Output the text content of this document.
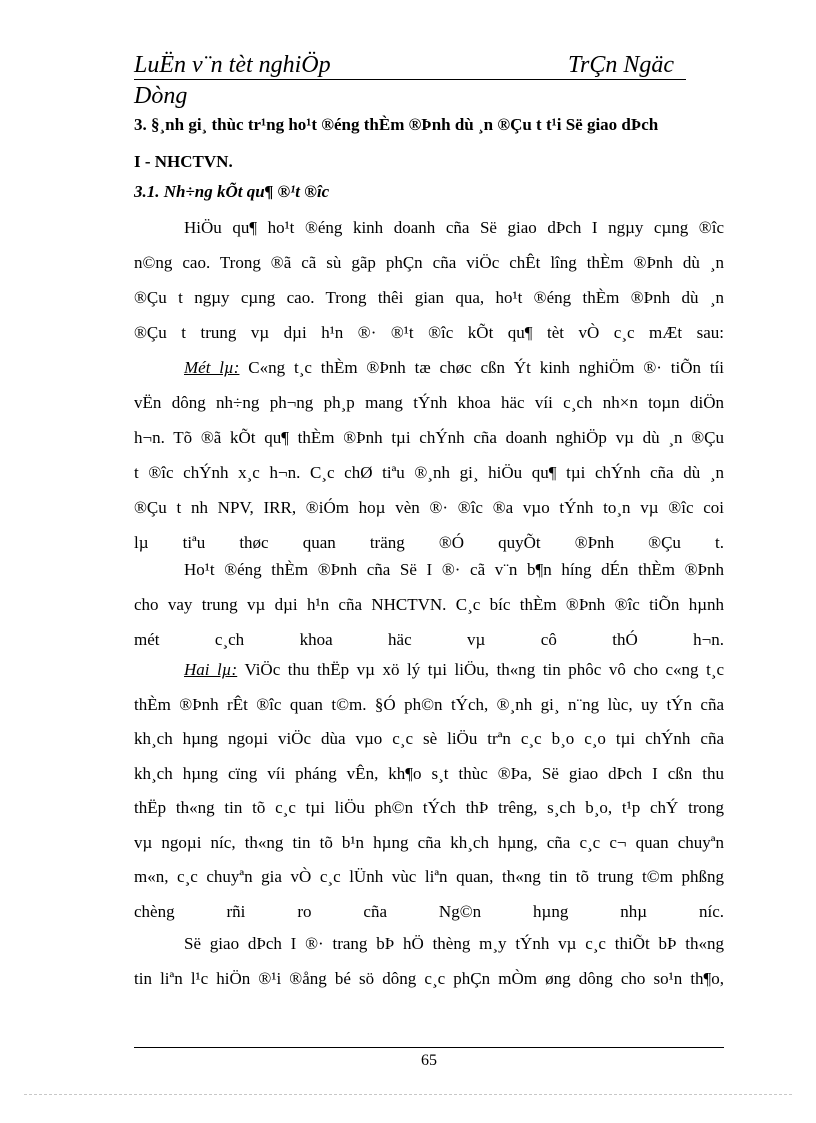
LuËn v¨n tèt nghiÖp	TrÇn Ngäc
Dòng
3. §¸nh gi¸ thùc tr¹ng ho¹t ®éng thÈm ®Þnh dù ¸n ®Çu t t¹i Së giao dÞch
I - NHCTVN.
3.1. Nh÷ng kÕt qu¶ ®¹t ®îc
HiÖu qu¶ ho¹t ®éng kinh doanh cña Së giao dÞch I ngµy cµng ®îc
n©ng cao. Trong ®ã cã sù gãp phÇn cña viÖc chÊt lîng thÈm ®Þnh dù ¸n
®Çu t ngµy cµng cao. Trong thêi gian qua, ho¹t ®éng thÈm ®Þnh dù ¸n
®Çu t trung vµ dµi h¹n ®· ®¹t ®îc kÕt qu¶ tèt vÒ c¸c mÆt sau:
Mét lµ: C«ng t¸c thÈm ®Þnh tæ chøc cßn Ýt kinh nghiÖm ®· tiÕn tíi
vËn dông nh÷ng ph¬ng ph¸p mang tÝnh khoa häc víi c¸ch nh×n toµn diÖn
h¬n. Tõ ®ã kÕt qu¶ thÈm ®Þnh tµi chÝnh cña doanh nghiÖp vµ dù ¸n ®Çu
t ®îc chÝnh x¸c h¬n. C¸c chØ tiªu ®¸nh gi¸ hiÖu qu¶ tµi chÝnh cña dù ¸n
®Çu t nh NPV, IRR, ®iÓm hoµ vèn ®· ®îc ®a vµo tÝnh to¸n vµ ®îc coi
lµ tiªu thøc quan träng ®Ó quyÕt ®Þnh ®Çu t.
Ho¹t ®éng thÈm ®Þnh cña Së I ®· cã v¨n b¶n híng dÉn thÈm ®Þnh
cho vay trung vµ dµi h¹n cña NHCTVN. C¸c bíc thÈm ®Þnh ®îc tiÕn hµnh
mét c¸ch khoa häc vµ cô thÓ h¬n.
Hai lµ: ViÖc thu thËp vµ xö lý tµi liÖu, th«ng tin phôc vô cho c«ng t¸c
thÈm ®Þnh rÊt ®îc quan t©m. §Ó ph©n tÝch, ®¸nh gi¸ n¨ng lùc, uy tÝn cña
kh¸ch hµng ngoµi viÖc dùa vµo c¸c sè liÖu trªn c¸c b¸o c¸o tµi chÝnh cña
kh¸ch hµng cïng víi pháng vÊn, kh¶o s¸t thùc ®Þa, Së giao dÞch I cßn thu
thËp th«ng tin tõ c¸c tµi liÖu ph©n tÝch thÞ trêng, s¸ch b¸o, t¹p chÝ trong
vµ ngoµi níc, th«ng tin tõ b¹n hµng cña kh¸ch hµng, cña c¸c c¬ quan chuyªn
m«n, c¸c chuyªn gia vÒ c¸c lÜnh vùc liªn quan, th«ng tin tõ trung t©m phßng
chèng rñi ro cña Ng©n hµng nhµ níc.
Së giao dÞch I ®· trang bÞ hÖ thèng m¸y tÝnh vµ c¸c thiÕt bÞ th«ng
tin liªn l¹c hiÖn ®¹i ®ång bé sö dông c¸c phÇn mÒm øng dông cho so¹n th¶o,
65
